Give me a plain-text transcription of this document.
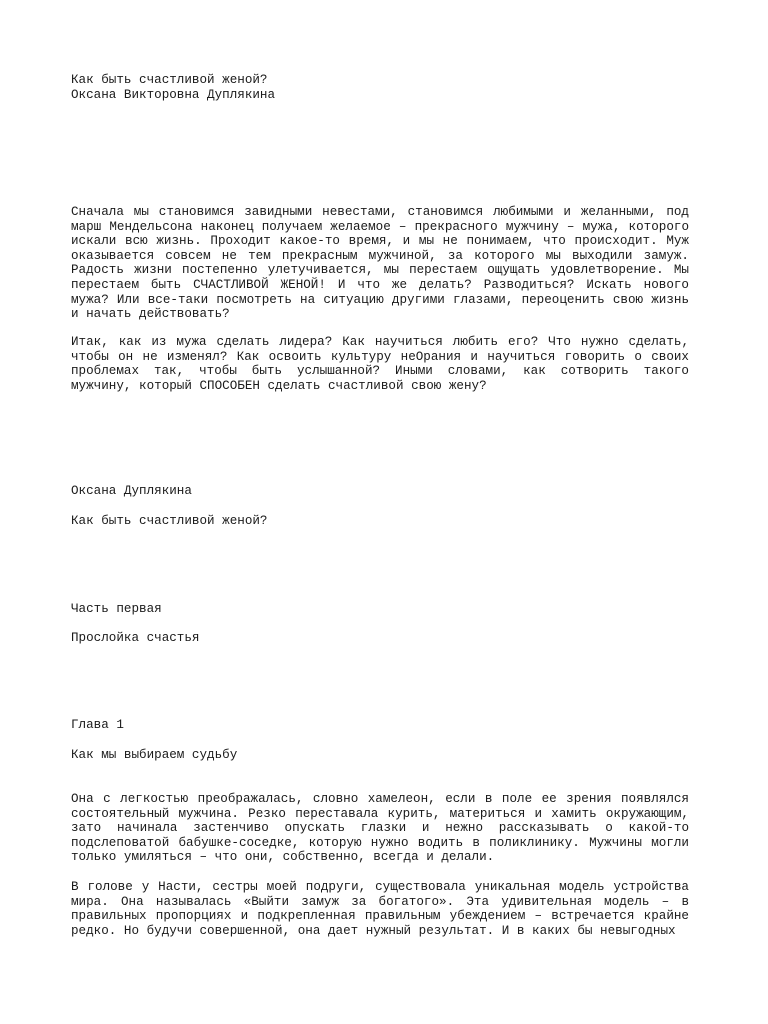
Как быть счастливой женой?
Оксана Викторовна Дуплякина
Сначала мы становимся завидными невестами, становимся любимыми и желанными, под марш Мендельсона наконец получаем желаемое – прекрасного мужчину – мужа, которого искали всю жизнь. Проходит какое-то время, и мы не понимаем, что происходит. Муж оказывается совсем не тем прекрасным мужчиной, за которого мы выходили замуж. Радость жизни постепенно улетучивается, мы перестаем ощущать удовлетворение. Мы перестаем быть СЧАСТЛИВОЙ ЖЕНОЙ! И что же делать? Разводиться? Искать нового мужа? Или все-таки посмотреть на ситуацию другими глазами, переоценить свою жизнь и начать действовать?
Итак, как из мужа сделать лидера? Как научиться любить его? Что нужно сделать, чтобы он не изменял? Как освоить культуру неОрания и научиться говорить о своих проблемах так, чтобы быть услышанной? Иными словами, как сотворить такого мужчину, который СПОСОБЕН сделать счастливой свою жену?
Оксана Дуплякина
Как быть счастливой женой?
Часть первая
Прослойка счастья
Глава 1
Как мы выбираем судьбу
Она с легкостью преображалась, словно хамелеон, если в поле ее зрения появлялся состоятельный мужчина. Резко переставала курить, материться и хамить окружающим, зато начинала застенчиво опускать глазки и нежно рассказывать о какой-то подслеповатой бабушке-соседке, которую нужно водить в поликлинику. Мужчины могли только умиляться – что они, собственно, всегда и делали.
В голове у Насти, сестры моей подруги, существовала уникальная модель устройства мира. Она называлась «Выйти замуж за богатого». Эта удивительная модель – в правильных пропорциях и подкрепленная правильным убеждением – встречается крайне редко. Но будучи совершенной, она дает нужный результат. И в каких бы невыгодных
